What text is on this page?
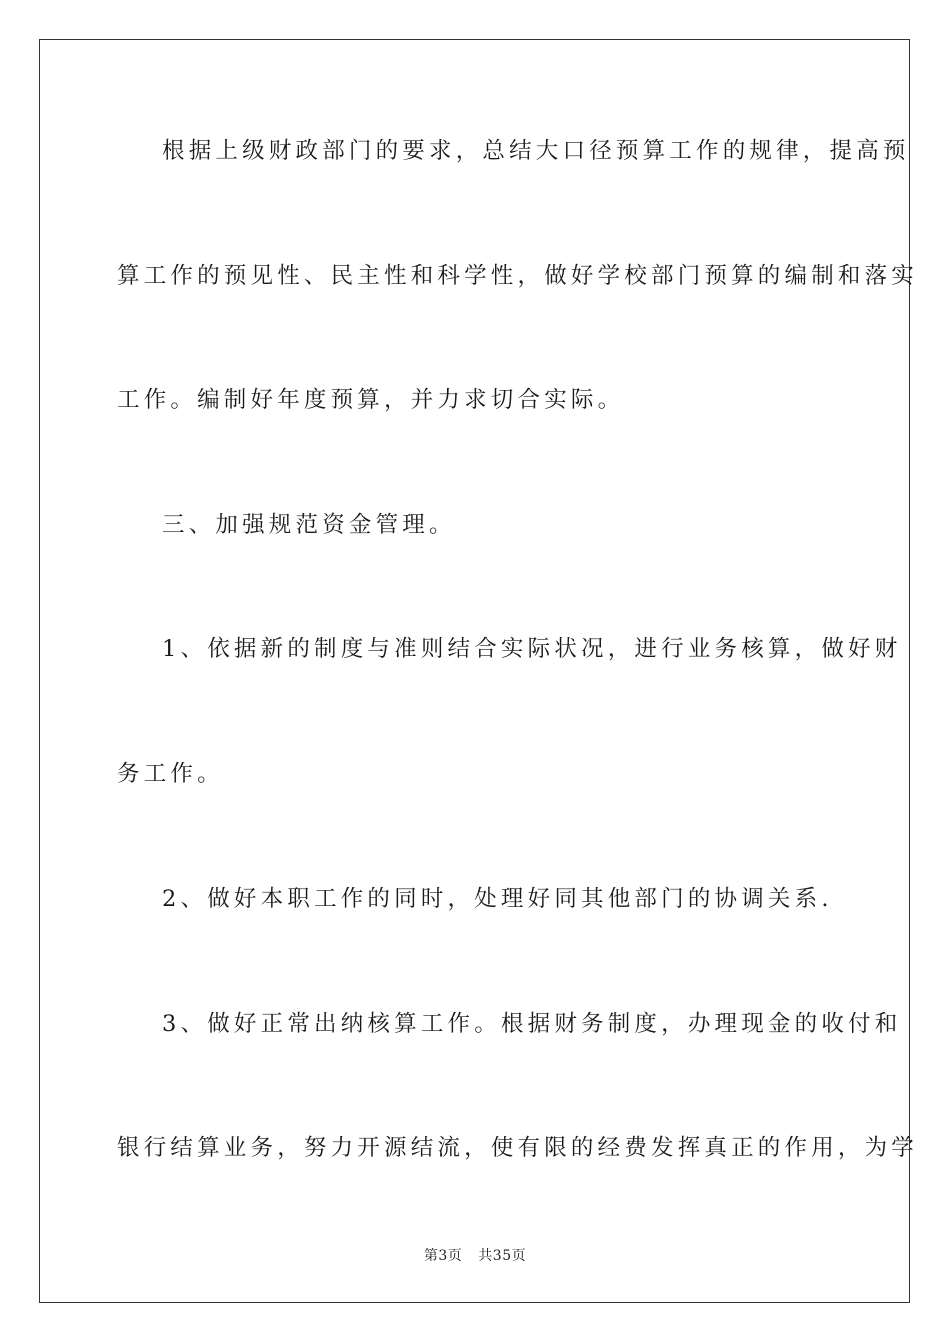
根据上级财政部门的要求，总结大口径预算工作的规律，提高预
算工作的预见性、民主性和科学性，做好学校部门预算的编制和落实
工作。编制好年度预算，并力求切合实际。
三、加强规范资金管理。
1、依据新的制度与准则结合实际状况，进行业务核算，做好财
务工作。
2、做好本职工作的同时，处理好同其他部门的协调关系.
3、做好正常出纳核算工作。根据财务制度，办理现金的收付和
银行结算业务，努力开源结流，使有限的经费发挥真正的作用，为学
第3页 共35页
